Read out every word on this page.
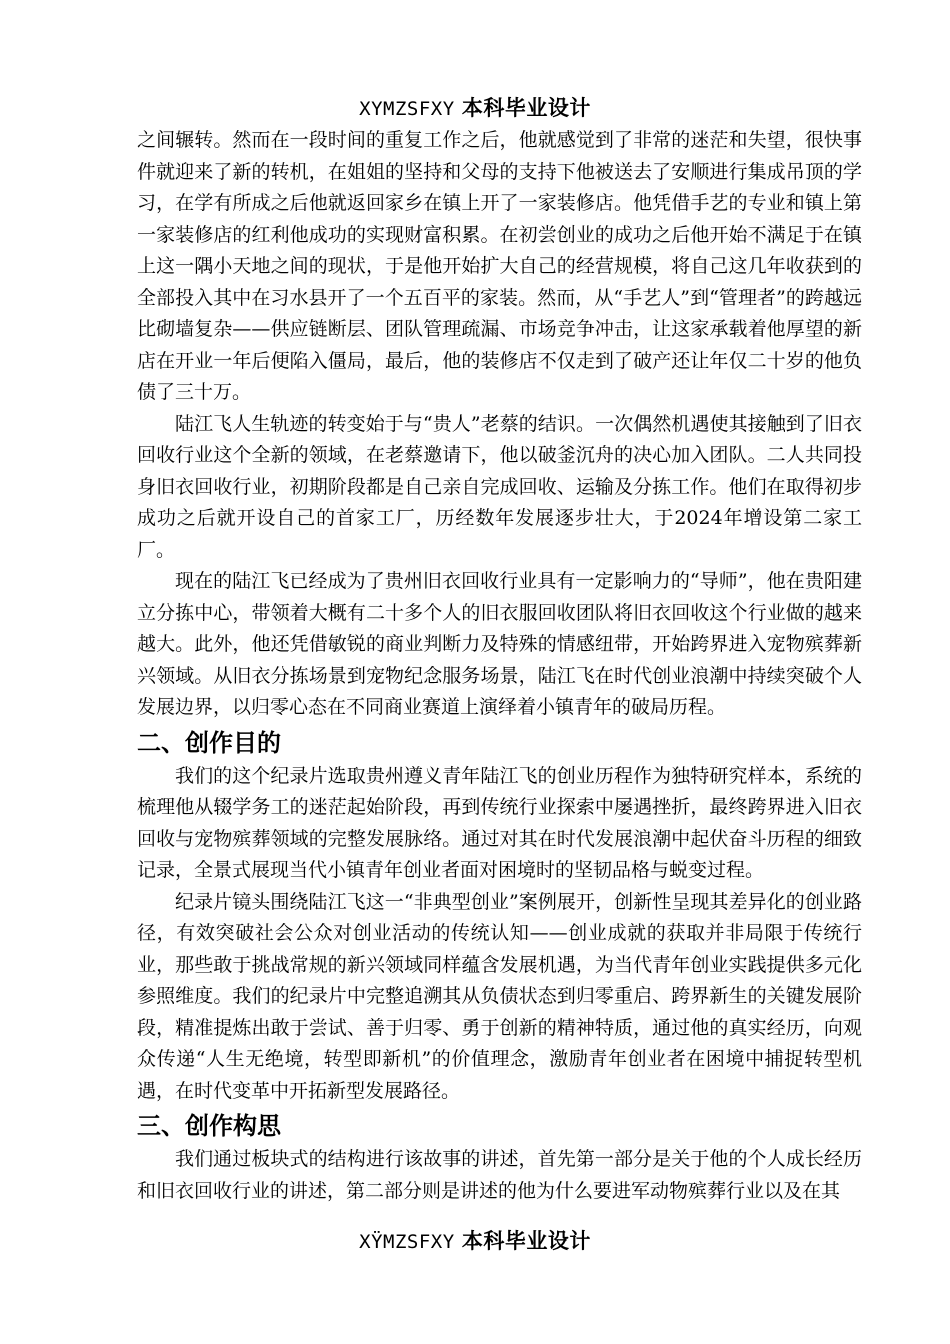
XYMZSFXY 本科毕业设计

之间辗转。然而在一段时间的重复工作之后，他就感觉到了非常的迷茫和失望，很快事件就迎来了新的转机，在姐姐的坚持和父母的支持下他被送去了安顺进行集成吊顶的学习，在学有所成之后他就返回家乡在镇上开了一家装修店。他凭借手艺的专业和镇上第一家装修店的红利他成功的实现财富积累。在初尝创业的成功之后他开始不满足于在镇上这一隅小天地之间的现状，于是他开始扩大自己的经营规模，将自己这几年收获到的全部投入其中在习水县开了一个五百平的家装。然而，从“手艺人”到“管理者”的跨越远比砌墙复杂——供应链断层、团队管理疏漏、市场竞争冲击，让这家承载着他厚望的新店在开业一年后便陷入僵局，最后，他的装修店不仅走到了破产还让年仅二十岁的他负债了三十万。

陆江飞人生轨迹的转变始于与“贵人”老蔡的结识。一次偶然机遇使其接触到了旧衣回收行业这个全新的领域，在老蔡邀请下，他以破釜沉舟的决心加入团队。二人共同投身旧衣回收行业，初期阶段都是自己亲自完成回收、运输及分拣工作。他们在取得初步成功之后就开设自己的首家工厂，历经数年发展逐步壮大，于2024年增设第二家工厂。

现在的陆江飞已经成为了贵州旧衣回收行业具有一定影响力的“导师”，他在贵阳建立分拣中心，带领着大概有二十多个人的旧衣服回收团队将旧衣回收这个行业做的越来越大。此外，他还凭借敏锐的商业判断力及特殊的情感纽带，开始跨界进入宠物殡葬新兴领域。从旧衣分拣场景到宠物纪念服务场景，陆江飞在时代创业浪潮中持续突破个人发展边界，以归零心态在不同商业赛道上演绎着小镇青年的破局历程。

二、创作目的

我们的这个纪录片选取贵州遵义青年陆江飞的创业历程作为独特研究样本，系统的梳理他从辍学务工的迷茫起始阶段，再到传统行业探索中屡遇挫折，最终跨界进入旧衣回收与宠物殡葬领域的完整发展脉络。通过对其在时代发展浪潮中起伏奋斗历程的细致记录，全景式展现当代小镇青年创业者面对困境时的坚韧品格与蜕变过程。

纪录片镜头围绕陆江飞这一“非典型创业”案例展开，创新性呈现其差异化的创业路径，有效突破社会公众对创业活动的传统认知——创业成就的获取并非局限于传统行业，那些敢于挑战常规的新兴领域同样蕴含发展机遇，为当代青年创业实践提供多元化参照维度。我们的纪录片中完整追溯其从负债状态到归零重启、跨界新生的关键发展阶段，精准提炼出敢于尝试、善于归零、勇于创新的精神特质，通过他的真实经历，向观众传递“人生无绝境，转型即新机”的价值理念，激励青年创业者在困境中捕捉转型机遇，在时代变革中开拓新型发展路径。

三、创作构思

我们通过板块式的结构进行该故事的讲述，首先第一部分是关于他的个人成长经历和旧衣回收行业的讲述，第二部分则是讲述的他为什么要进军动物殡葬行业以及在其

XŸMZSFXY 本科毕业设计
